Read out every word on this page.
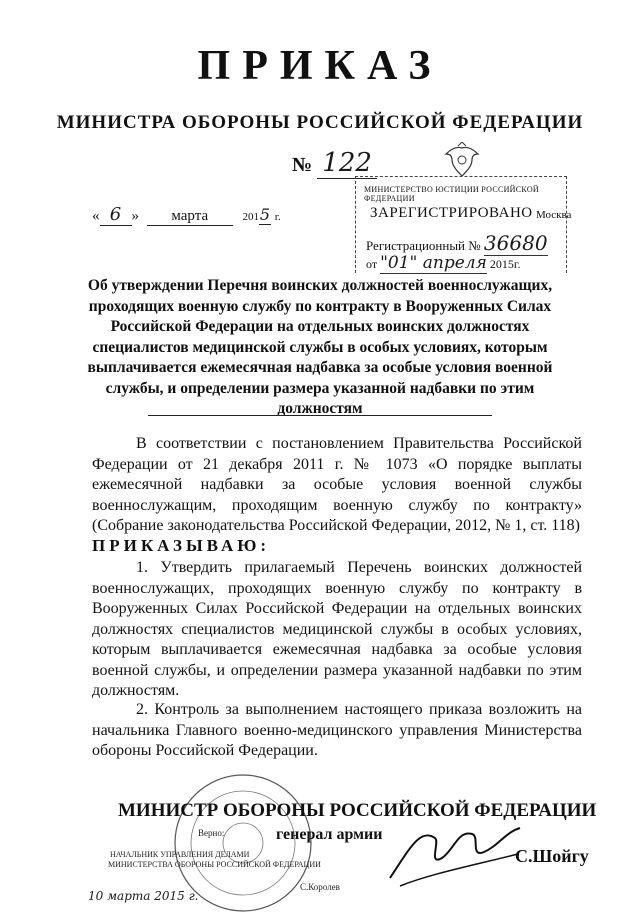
ПРИКАЗ
МИНИСТРА ОБОРОНЫ РОССИЙСКОЙ ФЕДЕРАЦИИ
№ 122
« 6 » марта	2015 г.
МИНИСТЕРСТВО ЮСТИЦИИ РОССИЙСКОЙ ФЕДЕРАЦИИ
ЗАРЕГИСТРИРОВАНО Москва
Регистрационный № 36680
от "01" апреля 2015г.
Об утверждении Перечня воинских должностей военнослужащих, проходящих военную службу по контракту в Вооруженных Силах Российской Федерации на отдельных воинских должностях специалистов медицинской службы в особых условиях, которым выплачивается ежемесячная надбавка за особые условия военной службы, и определении размера указанной надбавки по этим должностям
В соответствии с постановлением Правительства Российской Федерации от 21 декабря 2011 г. № 1073 «О порядке выплаты ежемесячной надбавки за особые условия военной службы военнослужащим, проходящим военную службу по контракту» (Собрание законодательства Российской Федерации, 2012, № 1, ст. 118)
ПРИКАЗЫВАЮ:
1. Утвердить прилагаемый Перечень воинских должностей военнослужащих, проходящих военную службу по контракту в Вооруженных Силах Российской Федерации на отдельных воинских должностях специалистов медицинской службы в особых условиях, которым выплачивается ежемесячная надбавка за особые условия военной службы, и определении размера указанной надбавки по этим должностям.
2. Контроль за выполнением настоящего приказа возложить на начальника Главного военно-медицинского управления Министерства обороны Российской Федерации.
МИНИСТР ОБОРОНЫ РОССИЙСКОЙ ФЕДЕРАЦИИ
генерал армии
С.Шойгу
Верно:
НАЧАЛЬНИК УПРАВЛЕНИЯ ДЕЛАМИ
МИНИСТЕРСТВА ОБОРОНЫ РОССИЙСКОЙ ФЕДЕРАЦИИ
С.Королев
10 марта 2015 г.
